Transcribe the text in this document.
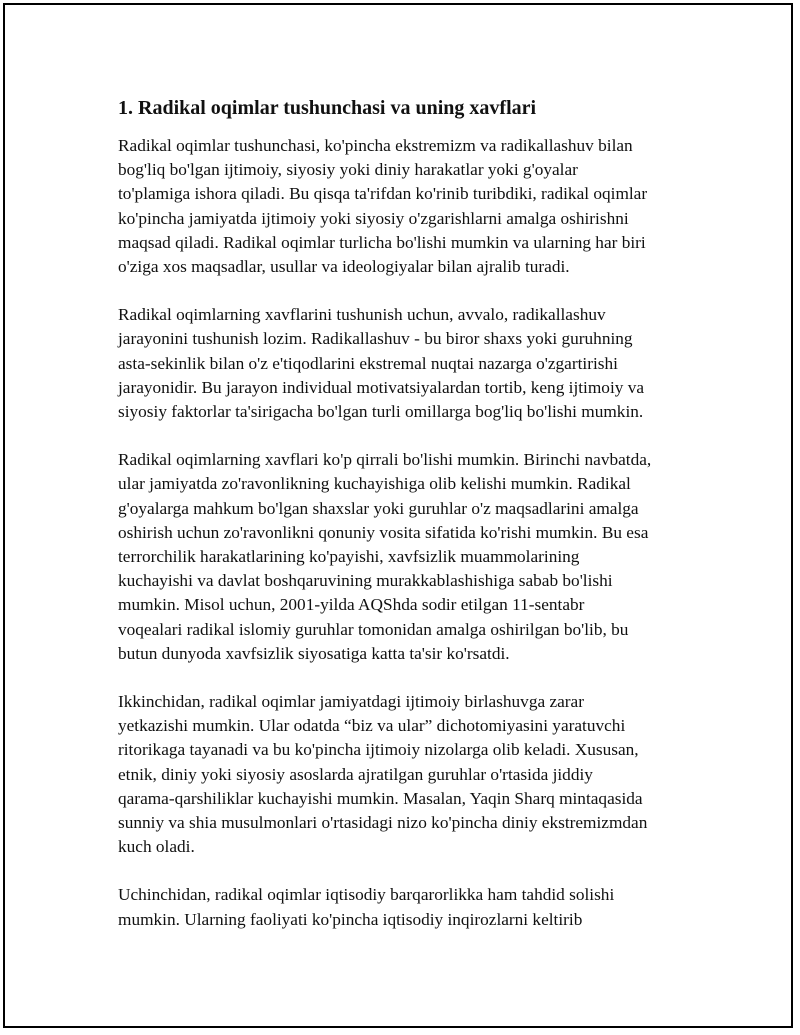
1. Radikal oqimlar tushunchasi va uning xavflari
Radikal oqimlar tushunchasi, ko'pincha ekstremizm va radikallashuv bilan
bog'liq bo'lgan ijtimoiy, siyosiy yoki diniy harakatlar yoki g'oyalar
to'plamiga ishora qiladi. Bu qisqa ta'rifdan ko'rinib turibdiki, radikal oqimlar
ko'pincha jamiyatda ijtimoiy yoki siyosiy o'zgarishlarni amalga oshirishni
maqsad qiladi. Radikal oqimlar turlicha bo'lishi mumkin va ularning har biri
o'ziga xos maqsadlar, usullar va ideologiyalar bilan ajralib turadi.
Radikal oqimlarning xavflarini tushunish uchun, avvalo, radikallashuv
jarayonini tushunish lozim. Radikallashuv - bu biror shaxs yoki guruhning
asta-sekinlik bilan o'z e'tiqodlarini ekstremal nuqtai nazarga o'zgartirishi
jarayonidir. Bu jarayon individual motivatsiyalardan tortib, keng ijtimoiy va
siyosiy faktorlar ta'sirigacha bo'lgan turli omillarga bog'liq bo'lishi mumkin.
Radikal oqimlarning xavflari ko'p qirrali bo'lishi mumkin. Birinchi navbatda,
ular jamiyatda zo'ravonlikning kuchayishiga olib kelishi mumkin. Radikal
g'oyalarga mahkum bo'lgan shaxslar yoki guruhlar o'z maqsadlarini amalga
oshirish uchun zo'ravonlikni qonuniy vosita sifatida ko'rishi mumkin. Bu esa
terrorchilik harakatlarining ko'payishi, xavfsizlik muammolarining
kuchayishi va davlat boshqaruvining murakkablashishiga sabab bo'lishi
mumkin. Misol uchun, 2001-yilda AQShda sodir etilgan 11-sentabr
voqealari radikal islomiy guruhlar tomonidan amalga oshirilgan bo'lib, bu
butun dunyoda xavfsizlik siyosatiga katta ta'sir ko'rsatdi.
Ikkinchidan, radikal oqimlar jamiyatdagi ijtimoiy birlashuvga zarar
yetkazishi mumkin. Ular odatda “biz va ular” dichotomiyasini yaratuvchi
ritorikaga tayanadi va bu ko'pincha ijtimoiy nizolarga olib keladi. Xususan,
etnik, diniy yoki siyosiy asoslarda ajratilgan guruhlar o'rtasida jiddiy
qarama-qarshiliklar kuchayishi mumkin. Masalan, Yaqin Sharq mintaqasida
sunniy va shia musulmonlari o'rtasidagi nizo ko'pincha diniy ekstremizmdan
kuch oladi.
Uchinchidan, radikal oqimlar iqtisodiy barqarorlikka ham tahdid solishi
mumkin. Ularning faoliyati ko'pincha iqtisodiy inqirozlarni keltirib
